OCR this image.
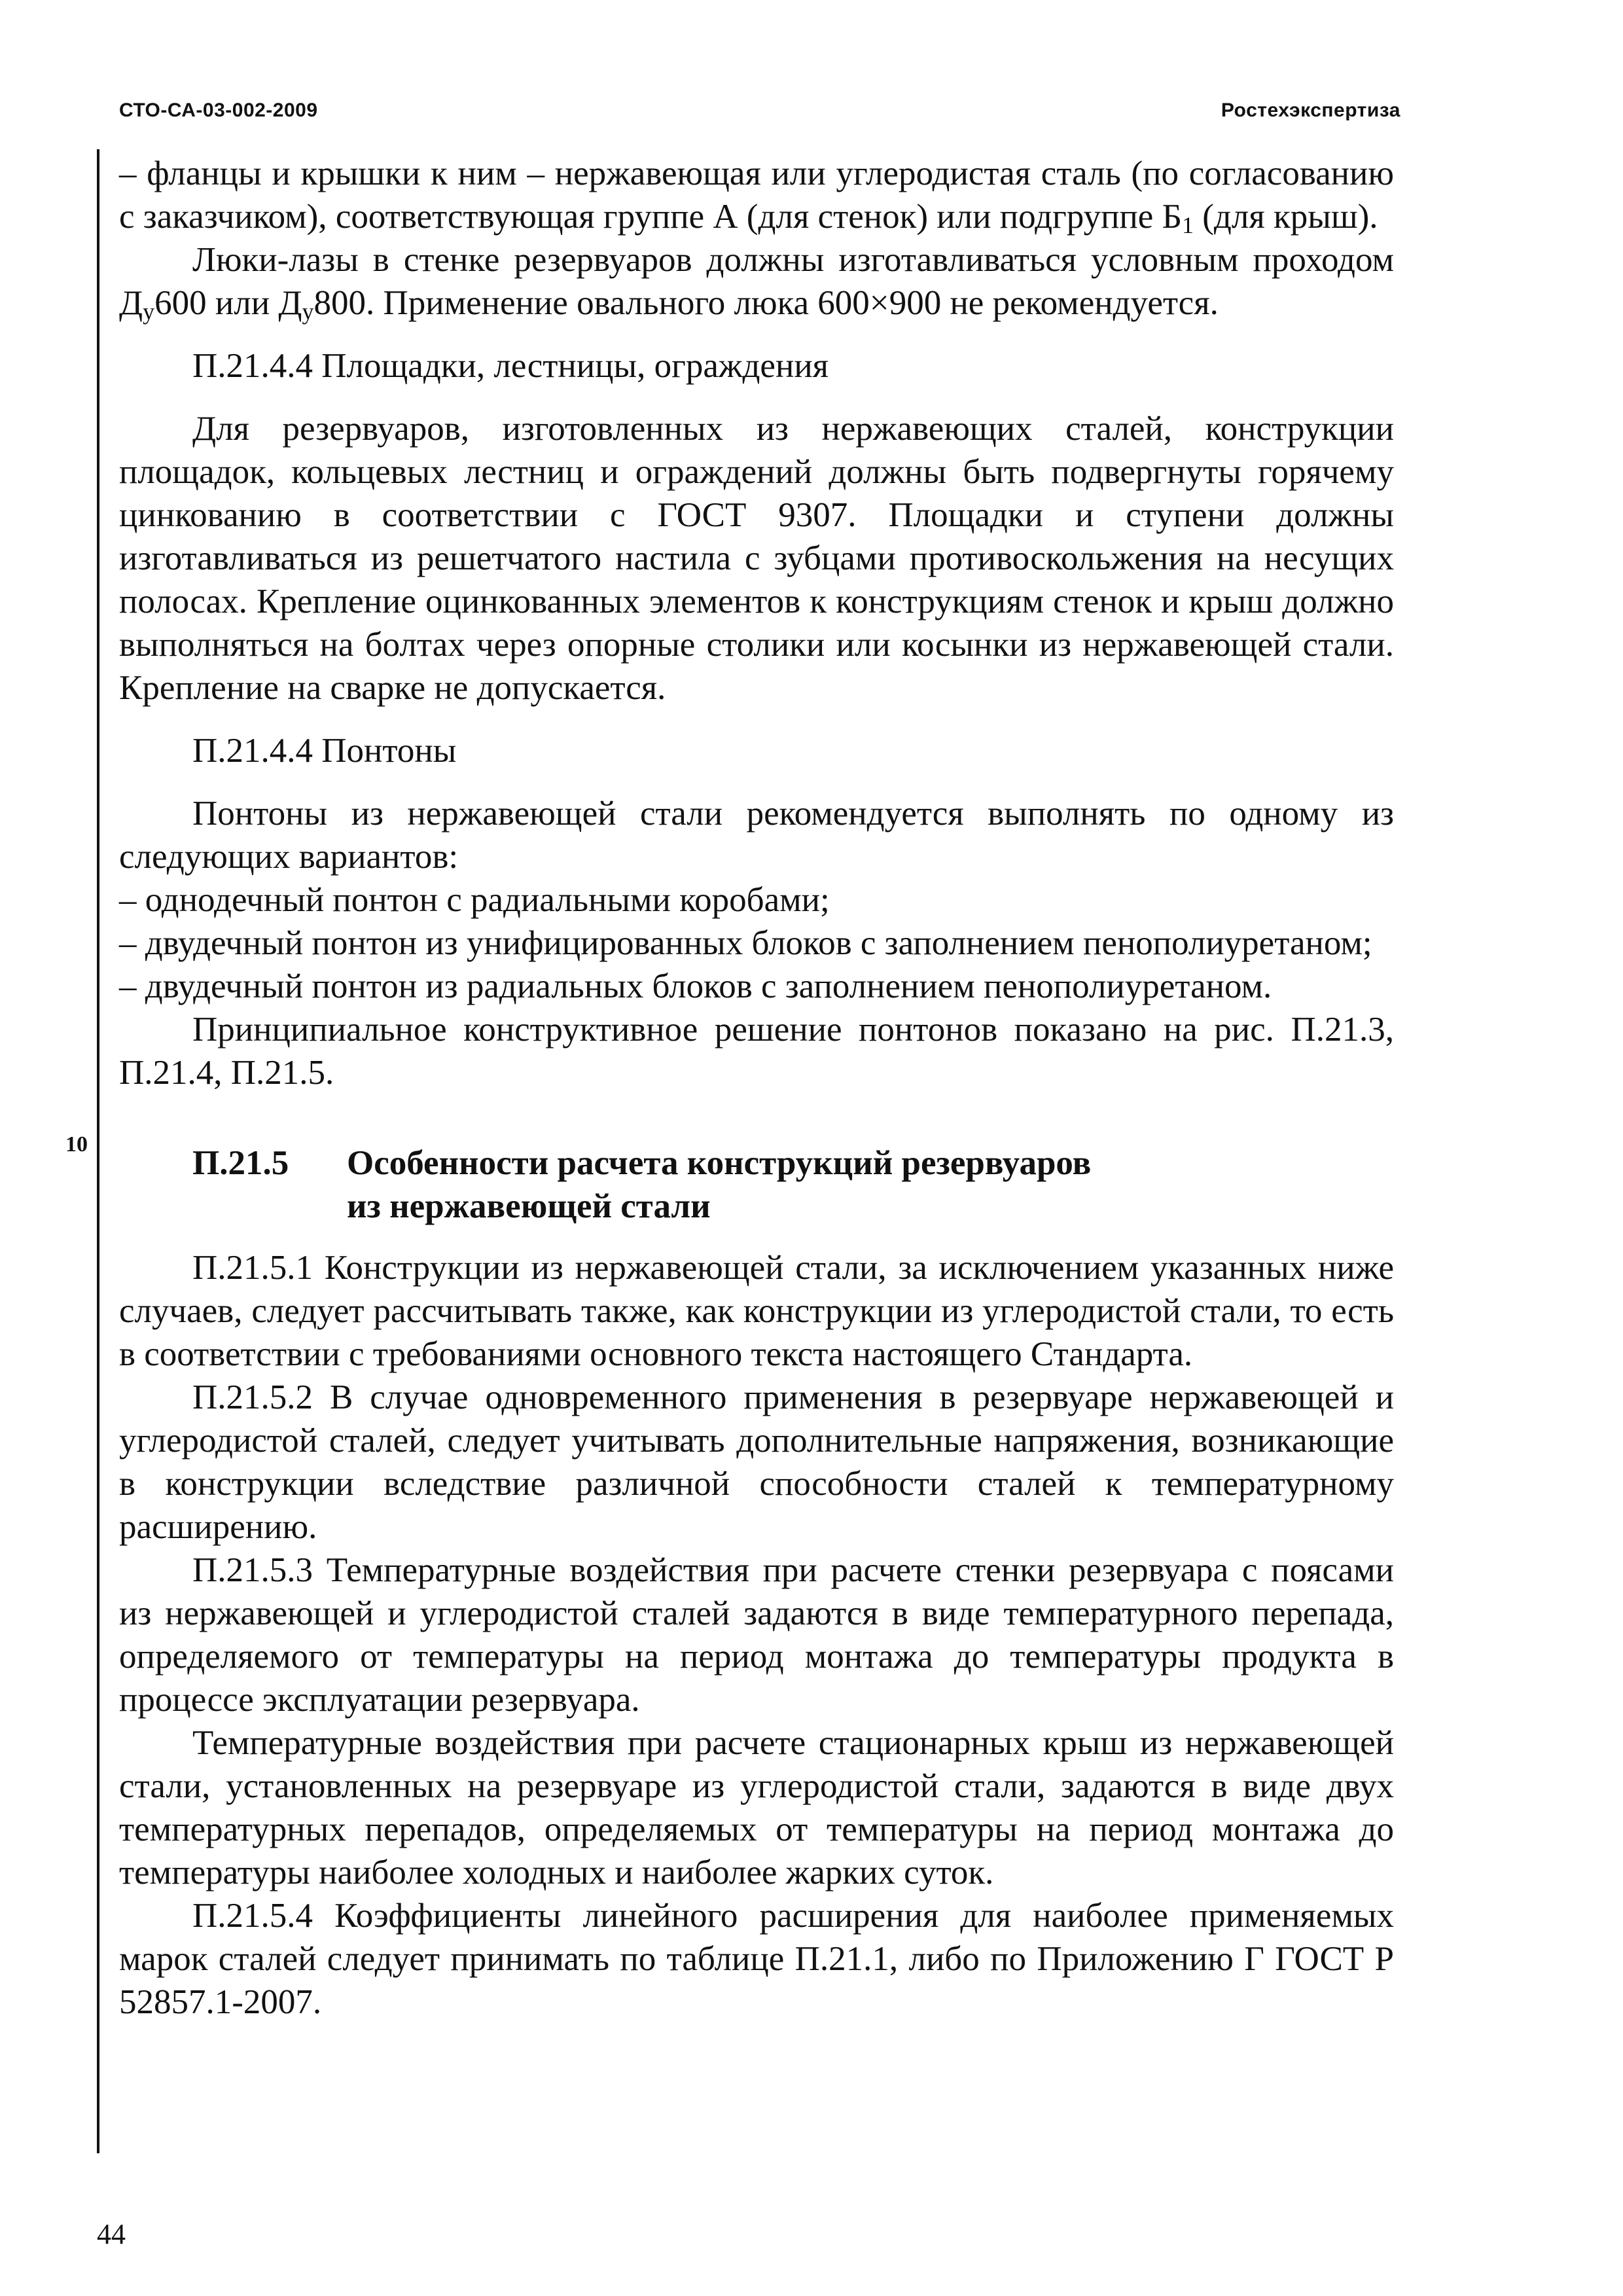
СТО-СА-03-002-2009	Ростехэкспертиза
10

– фланцы и крышки к ним – нержавеющая или углеродистая сталь (по согласованию с заказчиком), соответствующая группе А (для стенок) или подгруппе $Б_1$ (для крыш).

Люки-лазы в стенке резервуаров должны изготавливаться условным проходом $Д_у600$ или $Д_у800$. Применение овального люка 600×900 не рекомендуется.

П.21.4.4 Площадки, лестницы, ограждения

Для резервуаров, изготовленных из нержавеющих сталей, конструкции площадок, кольцевых лестниц и ограждений должны быть подвергнуты горячему цинкованию в соответствии с ГОСТ 9307. Площадки и ступени должны изготавливаться из решетчатого настила с зубцами противоскольжения на несущих полосах. Крепление оцинкованных элементов к конструкциям стенок и крыш должно выполняться на болтах через опорные столики или косынки из нержавеющей стали. Крепление на сварке не допускается.

П.21.4.4 Понтоны

Понтоны из нержавеющей стали рекомендуется выполнять по одному из следующих вариантов:

– однодечный понтон с радиальными коробами;

– двудечный понтон из унифицированных блоков с заполнением пенополиуретаном;

– двудечный понтон из радиальных блоков с заполнением пенополиуретаном.

Принципиальное конструктивное решение понтонов показано на рис. П.21.3, П.21.4, П.21.5.

П.21.5	Особенности расчета конструкций резервуаров
из нержавеющей стали

П.21.5.1 Конструкции из нержавеющей стали, за исключением указанных ниже случаев, следует рассчитывать также, как конструкции из углеродистой стали, то есть в соответствии с требованиями основного текста настоящего Стандарта.

П.21.5.2 В случае одновременного применения в резервуаре нержавеющей и углеродистой сталей, следует учитывать дополнительные напряжения, возникающие в конструкции вследствие различной способности сталей к температурному расширению.

П.21.5.3 Температурные воздействия при расчете стенки резервуара с поясами из нержавеющей и углеродистой сталей задаются в виде температурного перепада, определяемого от температуры на период монтажа до температуры продукта в процессе эксплуатации резервуара.

Температурные воздействия при расчете стационарных крыш из нержавеющей стали, установленных на резервуаре из углеродистой стали, задаются в виде двух температурных перепадов, определяемых от температуры на период монтажа до температуры наиболее холодных и наиболее жарких суток.

П.21.5.4 Коэффициенты линейного расширения для наиболее применяемых марок сталей следует принимать по таблице П.21.1, либо по Приложению Г ГОСТ Р 52857.1-2007.

44
